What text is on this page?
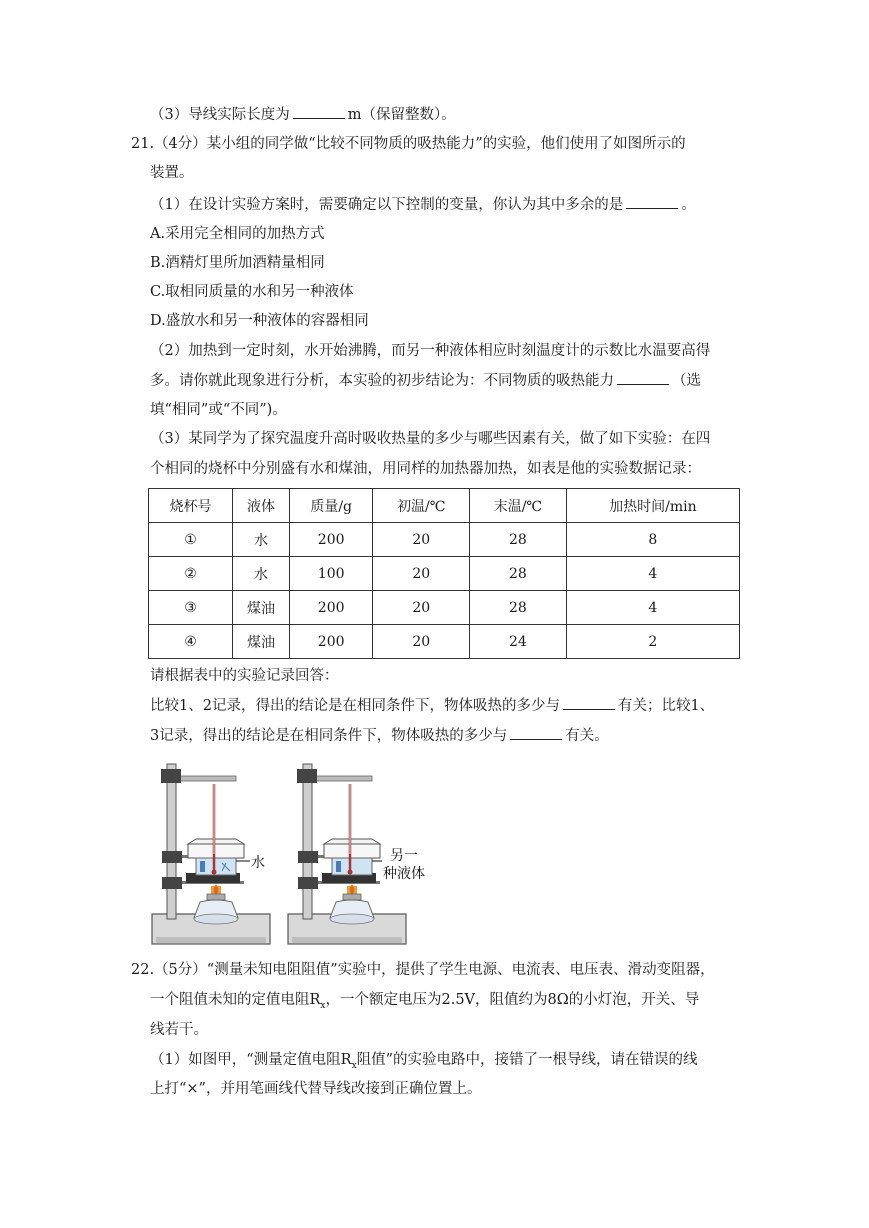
（3）导线实际长度为	m（保留整数）。
21.（4分）某小组的同学做“比较不同物质的吸热能力”的实验，他们使用了如图所示的
装置。
（1）在设计实验方案时，需要确定以下控制的变量，你认为其中多余的是	。
A.采用完全相同的加热方式
B.酒精灯里所加酒精量相同
C.取相同质量的水和另一种液体
D.盛放水和另一种液体的容器相同
（2）加热到一定时刻，水开始沸腾，而另一种液体相应时刻温度计的示数比水温要高得
多。请你就此现象进行分析，本实验的初步结论为：不同物质的吸热能力	（选
填“相同”或“不同”)。
（3）某同学为了探究温度升高时吸收热量的多少与哪些因素有关，做了如下实验：在四
个相同的烧杯中分别盛有水和煤油，用同样的加热器加热，如表是他的实验数据记录：
烧杯号	液体	质量/g	初温/℃	末温/℃	加热时间/min
①	水	200	20	28	8
②	水	100	20	28	4
③	煤油	200	20	28	4
④	煤油	200	20	24	2
请根据表中的实验记录回答：
比较1、2记录，得出的结论是在相同条件下，物体吸热的多少与	有关；比较1、
3记录，得出的结论是在相同条件下，物体吸热的多少与	有关。
水	另一
种液体
22.（5分）“测量未知电阻阻值”实验中，提供了学生电源、电流表、电压表、滑动变阻器，
一个阻值未知的定值电阻$R_x$，一个额定电压为2.5V，阻值约为8Ω的小灯泡，开关、导
线若干。
（1）如图甲，“测量定值电阻$R_x$阻值”的实验电路中，接错了一根导线，请在错误的线
上打“×”，并用笔画线代替导线改接到正确位置上。
